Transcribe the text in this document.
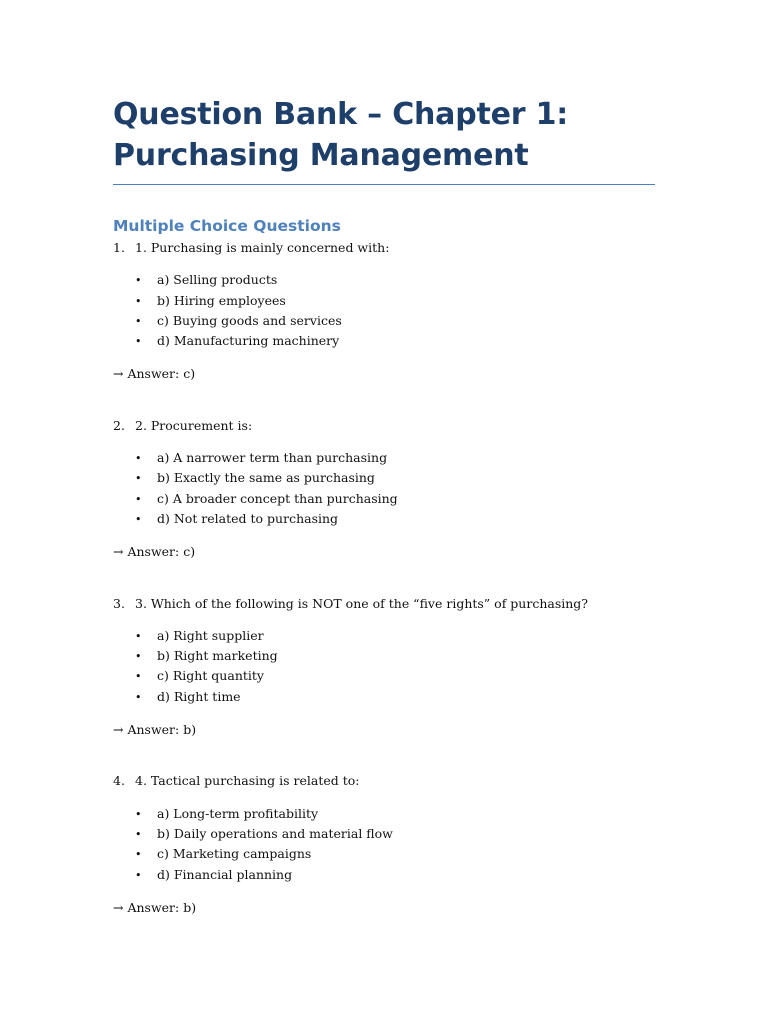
Question Bank – Chapter 1: Purchasing Management
Multiple Choice Questions

1. 1. Purchasing is mainly concerned with:

•	a) Selling products
•	b) Hiring employees
•	c) Buying goods and services
•	d) Manufacturing machinery

→ Answer: c)

2. 2. Procurement is:

•	a) A narrower term than purchasing
•	b) Exactly the same as purchasing
•	c) A broader concept than purchasing
•	d) Not related to purchasing

→ Answer: c)

3. 3. Which of the following is NOT one of the “five rights” of purchasing?

•	a) Right supplier
•	b) Right marketing
•	c) Right quantity
•	d) Right time

→ Answer: b)

4. 4. Tactical purchasing is related to:

•	a) Long-term profitability
•	b) Daily operations and material flow
•	c) Marketing campaigns
•	d) Financial planning

→ Answer: b)
